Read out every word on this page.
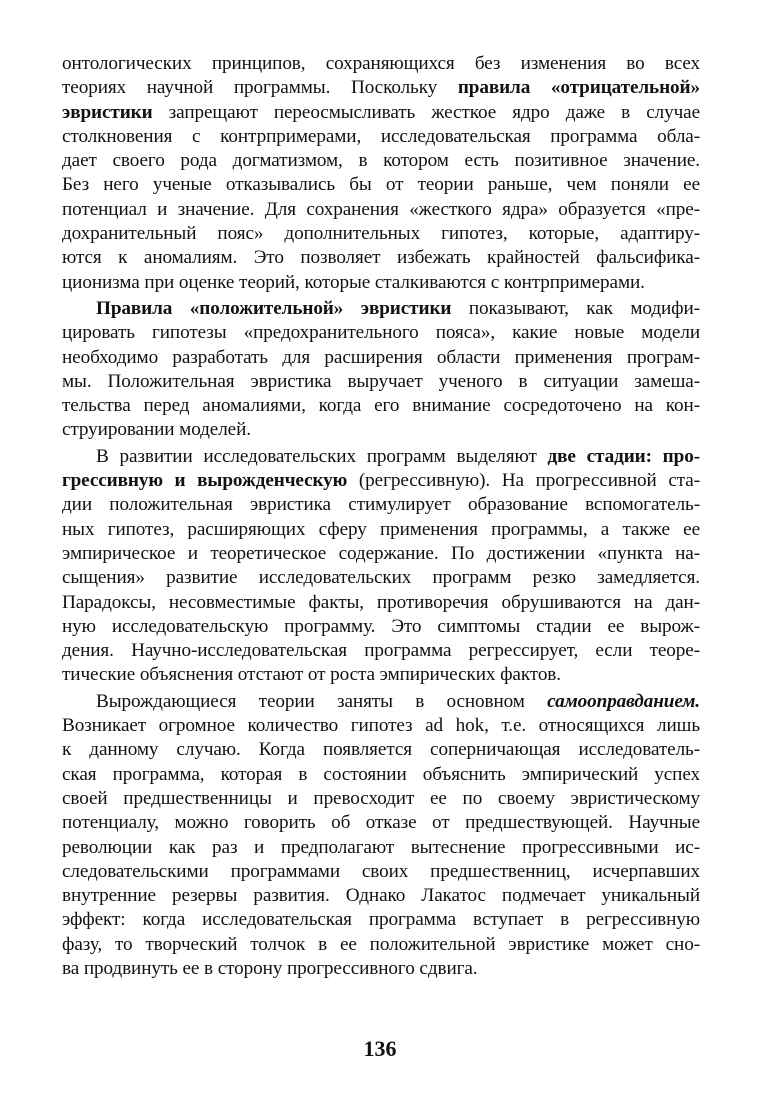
онтологических принципов, сохраняющихся без изменения во всех
теориях научной программы. Поскольку правила «отрицательной»
эвристики запрещают переосмысливать жесткое ядро даже в случае
столкновения с контрпримерами, исследовательская программа обла-
дает своего рода догматизмом, в котором есть позитивное значение.
Без него ученые отказывались бы от теории раньше, чем поняли ее
потенциал и значение. Для сохранения «жесткого ядра» образуется «пре-
дохранительный пояс» дополнительных гипотез, которые, адаптиру-
ются к аномалиям. Это позволяет избежать крайностей фальсифика-
ционизма при оценке теорий, которые сталкиваются с контрпримерами.
Правила «положительной» эвристики показывают, как модифи-
цировать гипотезы «предохранительного пояса», какие новые модели
необходимо разработать для расширения области применения програм-
мы. Положительная эвристика выручает ученого в ситуации замеша-
тельства перед аномалиями, когда его внимание сосредоточено на кон-
струировании моделей.
В развитии исследовательских программ выделяют две стадии: про-
грессивную и вырожденческую (регрессивную). На прогрессивной ста-
дии положительная эвристика стимулирует образование вспомогатель-
ных гипотез, расширяющих сферу применения программы, а также ее
эмпирическое и теоретическое содержание. По достижении «пункта на-
сыщения» развитие исследовательских программ резко замедляется.
Парадоксы, несовместимые факты, противоречия обрушиваются на дан-
ную исследовательскую программу. Это симптомы стадии ее вырож-
дения. Научно-исследовательская программа регрессирует, если теоре-
тические объяснения отстают от роста эмпирических фактов.
Вырождающиеся теории заняты в основном самооправданием.
Возникает огромное количество гипотез ad hok, т.е. относящихся лишь
к данному случаю. Когда появляется соперничающая исследователь-
ская программа, которая в состоянии объяснить эмпирический успех
своей предшественницы и превосходит ее по своему эвристическому
потенциалу, можно говорить об отказе от предшествующей. Научные
революции как раз и предполагают вытеснение прогрессивными ис-
следовательскими программами своих предшественниц, исчерпавших
внутренние резервы развития. Однако Лакатос подмечает уникальный
эффект: когда исследовательская программа вступает в регрессивную
фазу, то творческий толчок в ее положительной эвристике может сно-
ва продвинуть ее в сторону прогрессивного сдвига.
136
